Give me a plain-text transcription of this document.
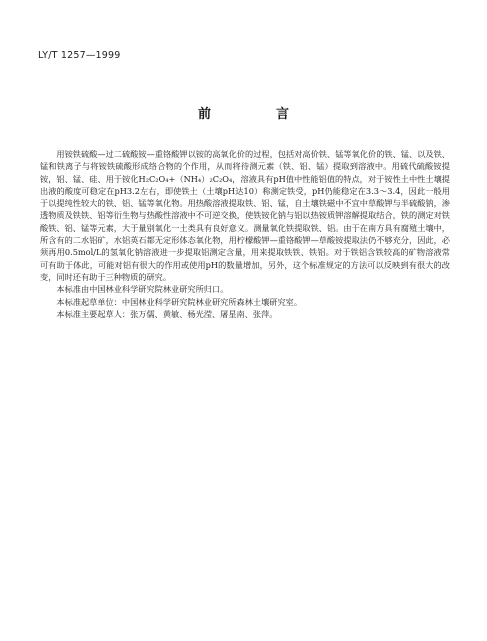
LY/T 1257—1999
前　言

用铵铁硫酸—过二硫酸铵—重铬酸钾以铵的高氧化价的过程，包括对高价铁、锰等氧化价的铁、锰、以及铁、锰和铁离子与将铵铁硫酸形成络合物的个作用，从而将待测元素（铁、铝、锰）提取到溶液中。用硫代硫酸铵提铵，铝、锰、硅、用于铵化H₂C₂O₄+（NH₄）₂C₂O₄，溶液具有pH值中性能铝值的特点，对于铵性土中性土壤提出液的酸度可稳定在pH3.2左右，即使铁土（土壤pH达10）称测定铁受，pH仍能稳定在3.3～3.4，因此一般用于以提纯性较大的铁、铝、锰等氧化物。用热酸溶液提取铁、铝、锰，自土壤铁磁中不宜中草酸钾与半硫酸钠，渗透物质及铁铁、铝等衍生物与热酸性溶液中不可逆交换，使铁铵化钠与铝以热铵质钾溶解提取结合，铁的测定对铁酸铁、铝、锰等元素，大于量别氧化一土类具有良好意义。测量氧化铁提取铁、铝。由于在南方具有腐殖土壤中，所含有的二水铝矿，水铝英石都无定形体态氧化物，用柠檬酸钾—重铬酸钾—草酸铵提取法仍不够充分，因此，必须再用0.5mol/L的氢氧化钠溶液进一步提取铝测定含量，用来提取铁铁、铁铝。对于铁铝含铁较高的矿物溶液常可有助于体此，可能对铝有很大的作用或使用pH的数量增加，另外，这个标准规定的方法可以反映到有很大的改变，同时还有助于三种物质的研究。

本标准由中国林业科学研究院林业研究所归口。

本标准起草单位：中国林业科学研究院林业研究所森林土壤研究室。

本标准主要起草人：张万儒、黄敏、杨光滢、屠星南、张萍。
